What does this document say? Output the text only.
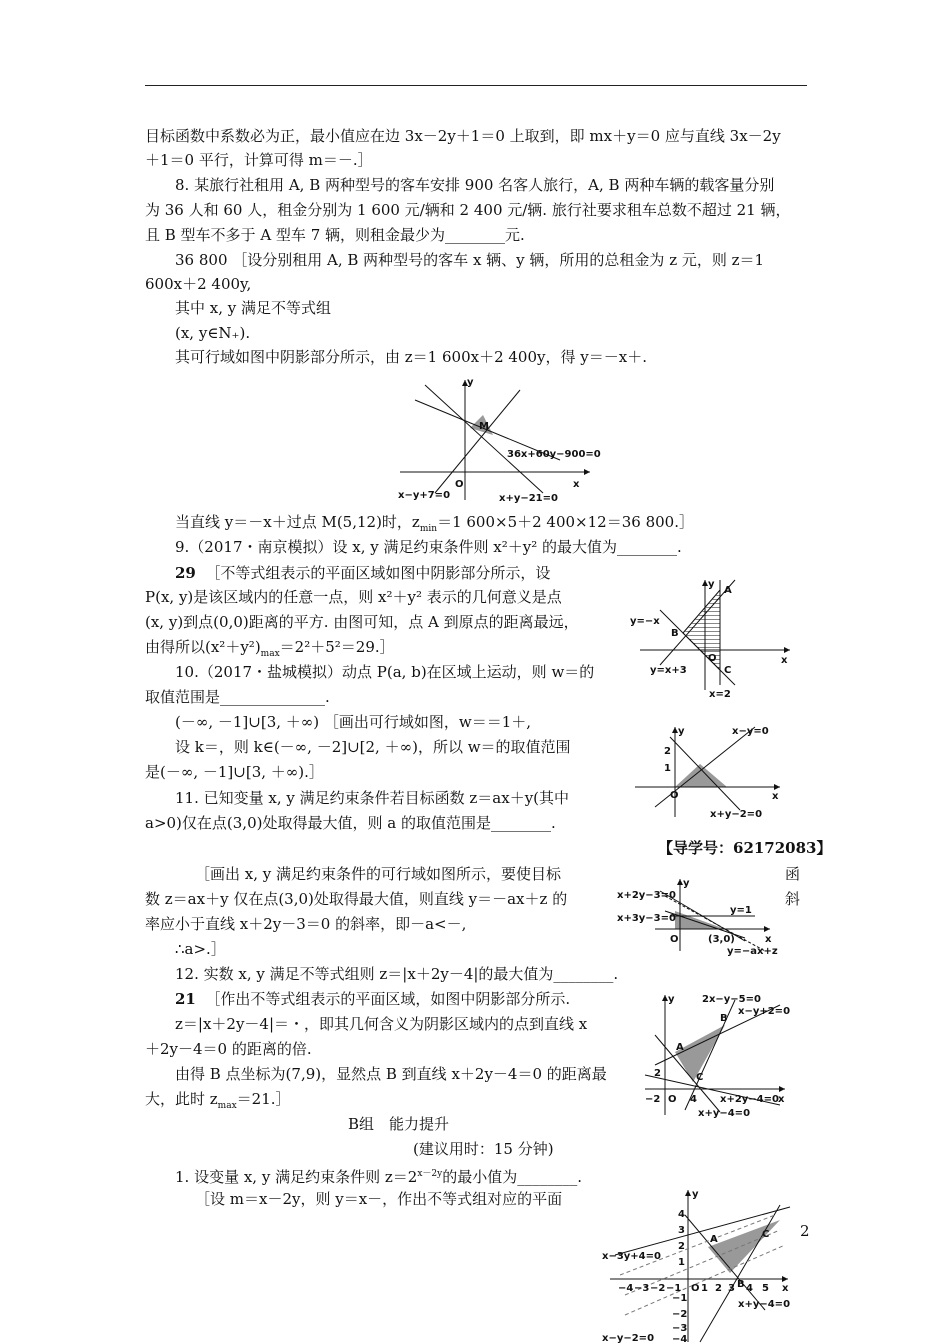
目标函数中系数必为正，最小值应在边 3x－2y＋1＝0 上取到，即 mx＋y＝0 应与直线 3x－2y
＋1＝0 平行，计算可得 m＝－.］
8. 某旅行社租用 A, B 两种型号的客车安排 900 名客人旅行，A, B 两种车辆的载客量分别
为 36 人和 60 人，租金分别为 1 600 元/辆和 2 400 元/辆. 旅行社要求租车总数不超过 21 辆，
且 B 型车不多于 A 型车 7 辆，则租金最少为________元.
36 800 ［设分别租用 A, B 两种型号的客车 x 辆、y 辆，所用的总租金为 z 元，则 z＝1
600x＋2 400y,
其中 x, y 满足不等式组
(x, y∈N₊).
其可行域如图中阴影部分所示，由 z＝1 600x＋2 400y，得 y＝－x＋.
当直线 y＝－x＋过点 M(5,12)时，$z_{min}=1$ 600×5＋2 400×12＝36 800.］
9.（2017・南京模拟）设 x, y 满足约束条件则 x²＋y² 的最大值为________.
29 ［不等式组表示的平面区域如图中阴影部分所示，设
P(x, y)是该区域内的任意一点，则 x²＋y² 表示的几何意义是点
(x, y)到点(0,0)距离的平方. 由图可知，点 A 到原点的距离最远，
由得所以$(x^2+y^2)_{max}=2^2+5^2=29.]$
10.（2017・盐城模拟）动点 P(a, b)在区域上运动，则 w＝的
取值范围是______________.
(－∞, －1]∪[3, ＋∞) ［画出可行域如图，w＝＝1＋,
设 k＝，则 k∈(－∞, －2]∪[2, ＋∞)，所以 w＝的取值范围
是(－∞, －1]∪[3, ＋∞).］
11. 已知变量 x, y 满足约束条件若目标函数 z＝ax＋y(其中
a>0)仅在点(3,0)处取得最大值，则 a 的取值范围是________.
【导学号：62172083】
［画出 x, y 满足约束条件的可行域如图所示，要使目标	函
数 z＝ax＋y 仅在点(3,0)处取得最大值，则直线 y＝－ax＋z 的	斜
率应小于直线 x＋2y－3＝0 的斜率，即－a<－,
∴a>.］
12. 实数 x, y 满足不等式组则 z＝|x＋2y－4|的最大值为________.
21 ［作出不等式组表示的平面区域，如图中阴影部分所示.
z＝|x＋2y－4|＝・，即其几何含义为阴影区域内的点到直线 x
＋2y－4＝0 的距离的倍.
由得 B 点坐标为(7,9)，显然点 B 到直线 x＋2y－4＝0 的距离最
大，此时 $z_{max}=21.]$
B组　能力提升
(建议用时：15 分钟)
1. 设变量 x, y 满足约束条件则 $z=2^{x-2y}$的最小值为________.
［设 m＝x－2y，则 y＝x－，作出不等式组对应的平面
2
y
x
O
M
36x+60y−900=0
x−y+7=0	x+y−21=0
y
x
O
A
B
C
y=−x
y=x+3
x=2
y
x
O
1
2
x−y=0
x+y−2=0
y
x
O	(3,0)
x+2y−3=0
x+3y−3=0
y=1
y=−ax+z
y
x
O
A
B
C
2
−2	4
2x−y−5=0
x−y+2=0
x+2y−4=0
x+y−4=0
y
x
O
A
B
C
4
3
2
1
−1
−2
−3
−4
−4 −3 −2 −1 1 2 3 4 5
x−3y+4=0
x+y−4=0
x−y−2=0
